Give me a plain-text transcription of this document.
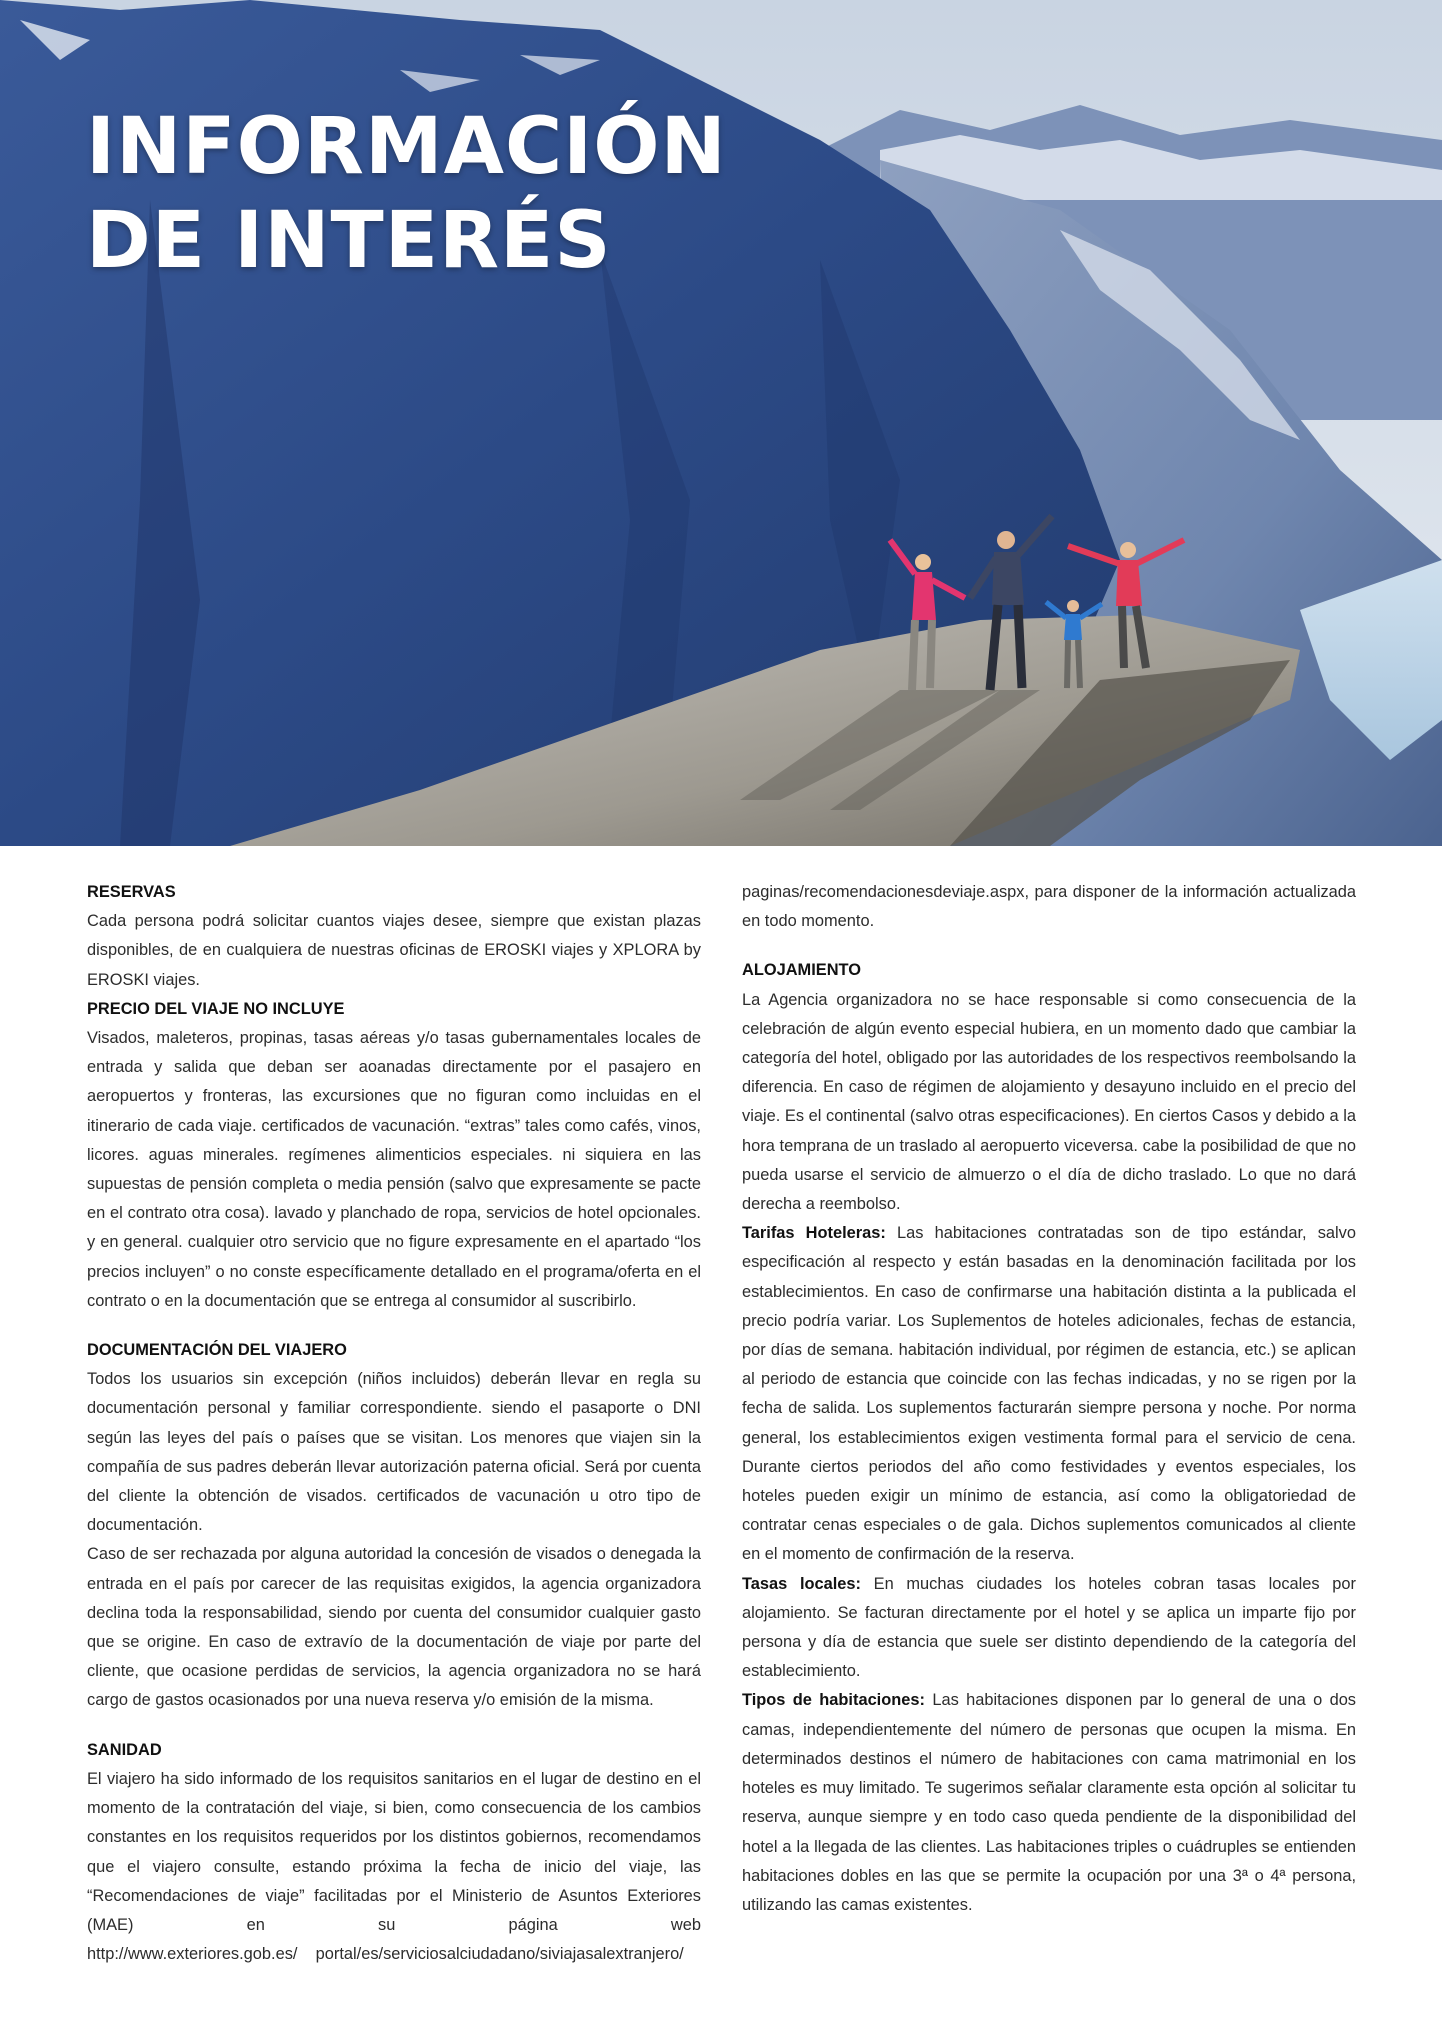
INFORMACIÓN
DE INTERÉS
RESERVAS

Cada persona podrá solicitar cuantos viajes desee, siempre que existan plazas disponibles, de en cualquiera de nuestras oficinas de EROSKI viajes y XPLORA by EROSKI viajes.

PRECIO DEL VIAJE NO INCLUYE

Visados, maleteros, propinas, tasas aéreas y/o tasas gubernamentales locales de entrada y salida que deban ser aoanadas directamente por el pasajero en aeropuertos y fronteras, las excursiones que no figuran como incluidas en el itinerario de cada viaje. certificados de vacunación. “extras” tales como cafés, vinos, licores. aguas minerales. regímenes alimenticios especiales. ni siquiera en las supuestas de pensión completa o media pensión (salvo que expresamente se pacte en el contrato otra cosa). lavado y planchado de ropa, servicios de hotel opcionales. y en general. cualquier otro servicio que no figure expresamente en el apartado “los precios incluyen” o no conste específicamente detallado en el programa/oferta en el contrato o en la documentación que se entrega al consumidor al suscribirlo.

DOCUMENTACIÓN DEL VIAJERO

Todos los usuarios sin excepción (niños incluidos) deberán llevar en regla su documentación personal y familiar correspondiente. siendo el pasaporte o DNI según las leyes del país o países que se visitan. Los menores que viajen sin la compañía de sus padres deberán llevar autorización paterna oficial. Será por cuenta del cliente la obtención de visados. certificados de vacunación u otro tipo de documentación.

Caso de ser rechazada por alguna autoridad la concesión de visados o denegada la entrada en el país por carecer de las requisitas exigidos, la agencia organizadora declina toda la responsabilidad, siendo por cuenta del consumidor cualquier gasto que se origine. En caso de extravío de la documentación de viaje por parte del cliente, que ocasione perdidas de servicios, la agencia organizadora no se hará cargo de gastos ocasionados por una nueva reserva y/o emisión de la misma.

SANIDAD

El viajero ha sido informado de los requisitos sanitarios en el lugar de destino en el momento de la contratación del viaje, si bien, como consecuencia de los cambios constantes en los requisitos requeridos por los distintos gobiernos, recomendamos que el viajero consulte, estando próxima la fecha de inicio del viaje, las “Recomendaciones de viaje” facilitadas por el Ministerio de Asuntos Exteriores (MAE) en su página web http://www.exteriores.gob.es/ portal/es/serviciosalciudadano/siviajasalextranjero/

paginas/recomendacionesdeviaje.aspx, para disponer de la información actualizada en todo momento.

ALOJAMIENTO

La Agencia organizadora no se hace responsable si como consecuencia de la celebración de algún evento especial hubiera, en un momento dado que cambiar la categoría del hotel, obligado por las autoridades de los respectivos reembolsando la diferencia. En caso de régimen de alojamiento y desayuno incluido en el precio del viaje. Es el continental (salvo otras especificaciones). En ciertos Casos y debido a la hora temprana de un traslado al aeropuerto viceversa. cabe la posibilidad de que no pueda usarse el servicio de almuerzo o el día de dicho traslado. Lo que no dará derecha a reembolso.

Tarifas Hoteleras: Las habitaciones contratadas son de tipo estándar, salvo especificación al respecto y están basadas en la denominación facilitada por los establecimientos. En caso de confirmarse una habitación distinta a la publicada el precio podría variar. Los Suplementos de hoteles adicionales, fechas de estancia, por días de semana. habitación individual, por régimen de estancia, etc.) se aplican al periodo de estancia que coincide con las fechas indicadas, y no se rigen por la fecha de salida. Los suplementos facturarán siempre persona y noche. Por norma general, los establecimientos exigen vestimenta formal para el servicio de cena. Durante ciertos periodos del año como festividades y eventos especiales, los hoteles pueden exigir un mínimo de estancia, así como la obligatoriedad de contratar cenas especiales o de gala. Dichos suplementos comunicados al cliente en el momento de confirmación de la reserva.

Tasas locales: En muchas ciudades los hoteles cobran tasas locales por alojamiento. Se facturan directamente por el hotel y se aplica un imparte fijo por persona y día de estancia que suele ser distinto dependiendo de la categoría del establecimiento.

Tipos de habitaciones: Las habitaciones disponen par lo general de una o dos camas, independientemente del número de personas que ocupen la misma. En determinados destinos el número de habitaciones con cama matrimonial en los hoteles es muy limitado. Te sugerimos señalar claramente esta opción al solicitar tu reserva, aunque siempre y en todo caso queda pendiente de la disponibilidad del hotel a la llegada de las clientes. Las habitaciones triples o cuádruples se entienden habitaciones dobles en las que se permite la ocupación por una 3ª o 4ª persona, utilizando las camas existentes.
